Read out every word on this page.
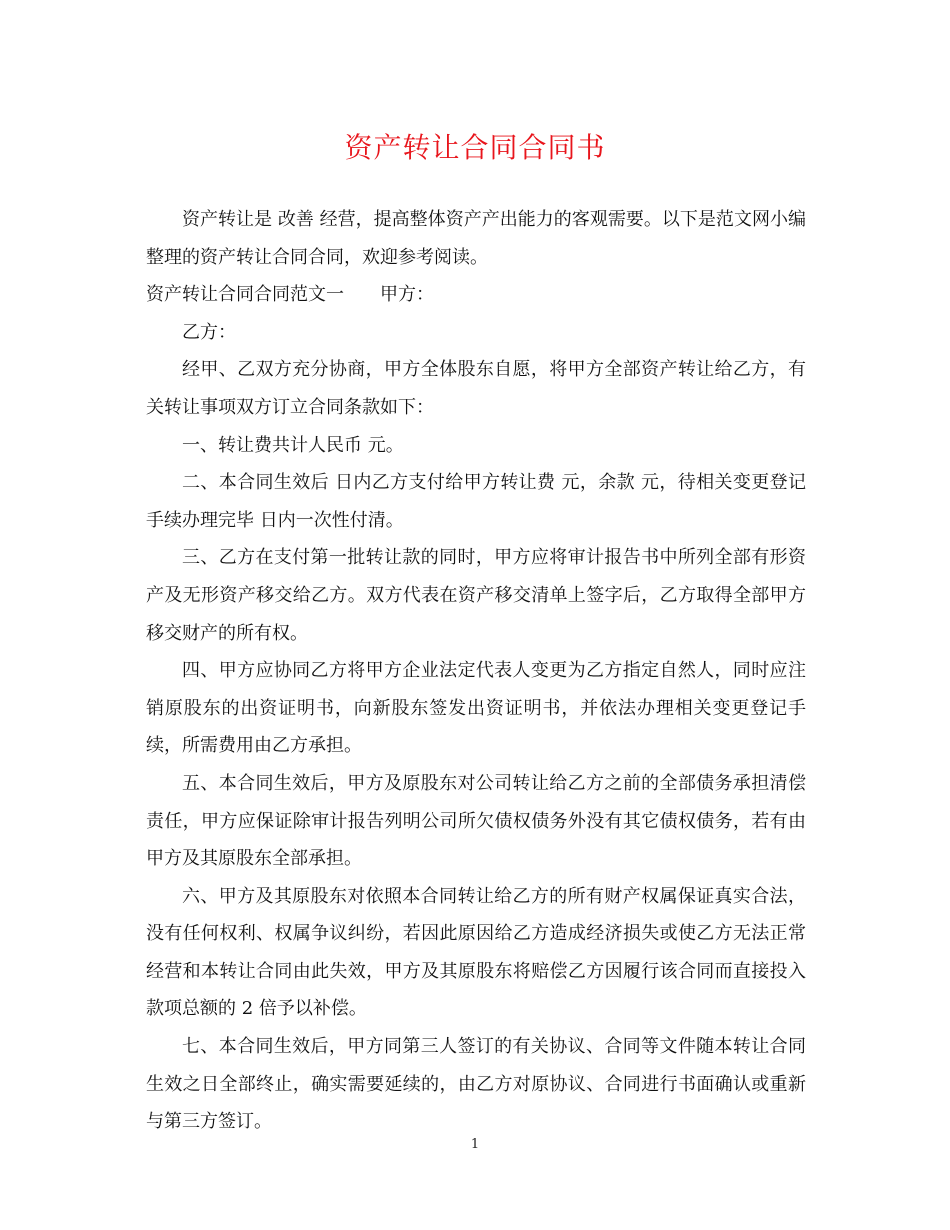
资产转让合同合同书

资产转让是 改善 经营，提高整体资产产出能力的客观需要。以下是范文网小编整理的资产转让合同合同，欢迎参考阅读。

资产转让合同合同范文一 甲方：

乙方：

经甲、乙双方充分协商，甲方全体股东自愿，将甲方全部资产转让给乙方，有关转让事项双方订立合同条款如下：

一、转让费共计人民币 元。

二、本合同生效后 日内乙方支付给甲方转让费 元，余款 元，待相关变更登记手续办理完毕 日内一次性付清。

三、乙方在支付第一批转让款的同时，甲方应将审计报告书中所列全部有形资产及无形资产移交给乙方。双方代表在资产移交清单上签字后，乙方取得全部甲方移交财产的所有权。

四、甲方应协同乙方将甲方企业法定代表人变更为乙方指定自然人，同时应注销原股东的出资证明书，向新股东签发出资证明书，并依法办理相关变更登记手续，所需费用由乙方承担。

五、本合同生效后，甲方及原股东对公司转让给乙方之前的全部债务承担清偿责任，甲方应保证除审计报告列明公司所欠债权债务外没有其它债权债务，若有由甲方及其原股东全部承担。

六、甲方及其原股东对依照本合同转让给乙方的所有财产权属保证真实合法，没有任何权利、权属争议纠纷，若因此原因给乙方造成经济损失或使乙方无法正常经营和本转让合同由此失效，甲方及其原股东将赔偿乙方因履行该合同而直接投入款项总额的 2 倍予以补偿。

七、本合同生效后，甲方同第三人签订的有关协议、合同等文件随本转让合同生效之日全部终止，确实需要延续的，由乙方对原协议、合同进行书面确认或重新与第三方签订。

1
